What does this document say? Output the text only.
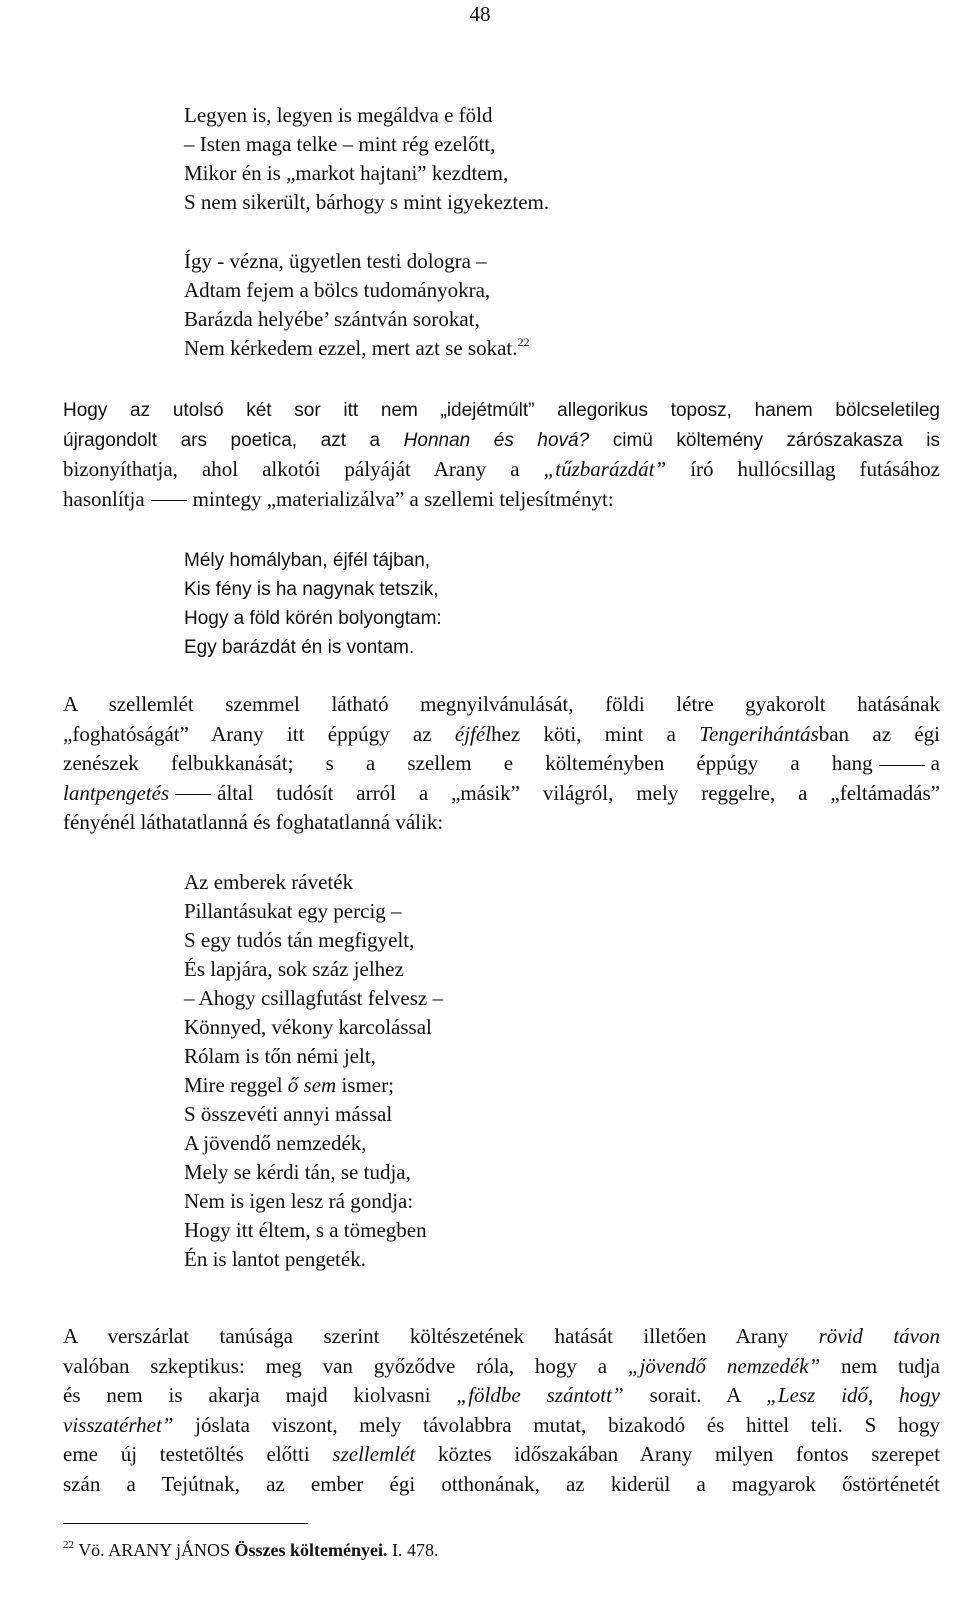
48
Legyen is, legyen is megáldva e föld
– Isten maga telke – mint rég ezelőtt,
Mikor én is „markot hajtani” kezdtem,
S nem sikerült, bárhogy s mint igyekeztem.
Így - vézna, ügyetlen testi dologra –
Adtam fejem a bölcs tudományokra,
Barázda helyébe’ szántván sorokat,
Nem kérkedem ezzel, mert azt se sokat.$^{22}$
Hogy az utolsó két sor itt nem „idejétmúlt” allegorikus toposz, hanem bölcseletileg
újragondolt ars poetica, azt a Honnan és hová? cimü költemény zárószakasza is
bizonyíthatja, ahol alkotói pályáját Arany a „tűzbarázdát” író hullócsillag futásához
hasonlítja mintegy „materializálva” a szellemi teljesítményt:
Mély homályban, éjfél tájban,
Kis fény is ha nagynak tetszik,
Hogy a föld körén bolyongtam:
Egy barázdát én is vontam.
A szellemlét szemmel látható megnyilvánulását, földi létre gyakorolt hatásának
„foghatóságát” Arany itt éppúgy az éjfélhez köti, mint a Tengerihántásban az égi
zenészek felbukkanását; s a szellem e költeményben éppúgy a hang	a
lantpengetés által tudósít arról a „másik” világról, mely reggelre, a „feltámadás”
fényénél láthatatlanná és foghatatlanná válik:
Az emberek ráveték
Pillantásukat egy percig –
S egy tudós tán megfigyelt,
És lapjára, sok száz jelhez
– Ahogy csillagfutást felvesz –
Könnyed, vékony karcolással
Rólam is tőn némi jelt,
Mire reggel ő sem ismer;
S összevéti annyi mással
A jövendő nemzedék,
Mely se kérdi tán, se tudja,
Nem is igen lesz rá gondja:
Hogy itt éltem, s a tömegben
Én is lantot pengeték.
A verszárlat tanúsága szerint költészetének hatását illetően Arany rövid távon
valóban szkeptikus: meg van győződve róla, hogy a „jövendő nemzedék” nem tudja
és nem is akarja majd kiolvasni „földbe szántott” sorait. A „Lesz idő, hogy
visszatérhet” jóslata viszont, mely távolabbra mutat, bizakodó és hittel teli. S hogy
eme új testetöltés előtti szellemlét köztes időszakában Arany milyen fontos szerepet
szán a Tejútnak, az ember égi otthonának, az kiderül a magyarok őstörténetét
$^{22}$ Vö. ARANY jÁNOS Összes költeményei. I. 478.
